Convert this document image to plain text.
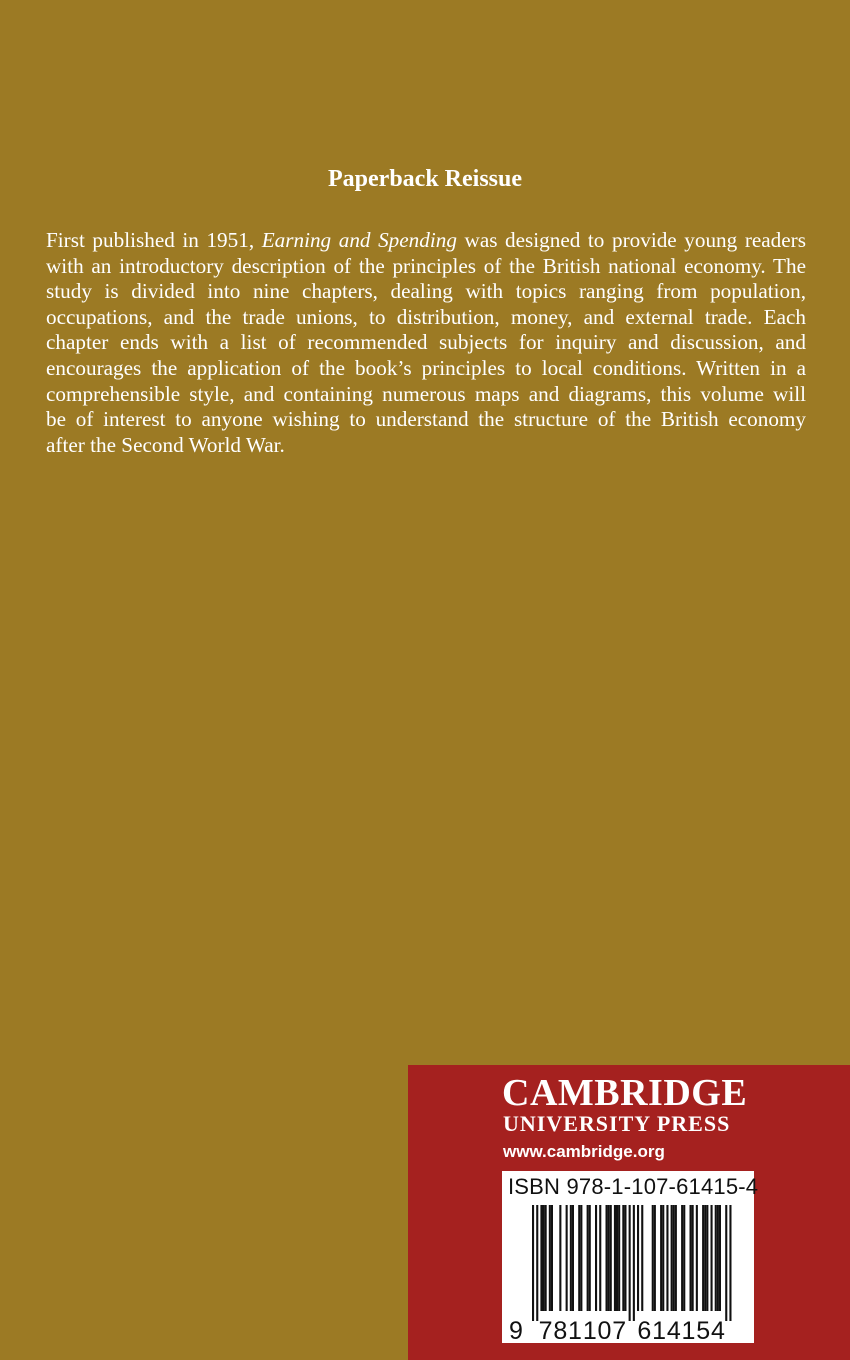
Paperback Reissue

First published in 1951, Earning and Spending was designed to provide young readers
with an introductory description of the principles of the British national economy. The
study is divided into nine chapters, dealing with topics ranging from population,
occupations, and the trade unions, to distribution, money, and external trade. Each
chapter ends with a list of recommended subjects for inquiry and discussion, and
encourages the application of the book’s principles to local conditions. Written in a
comprehensible style, and containing numerous maps and diagrams, this volume will
be of interest to anyone wishing to understand the structure of the British economy
after the Second World War.

CAMBRIDGE
UNIVERSITY PRESS
www.cambridge.org
9 7	6
8	1
1	4
1	1
0	5
7	4
ISBN 978-1-107-61415-4
